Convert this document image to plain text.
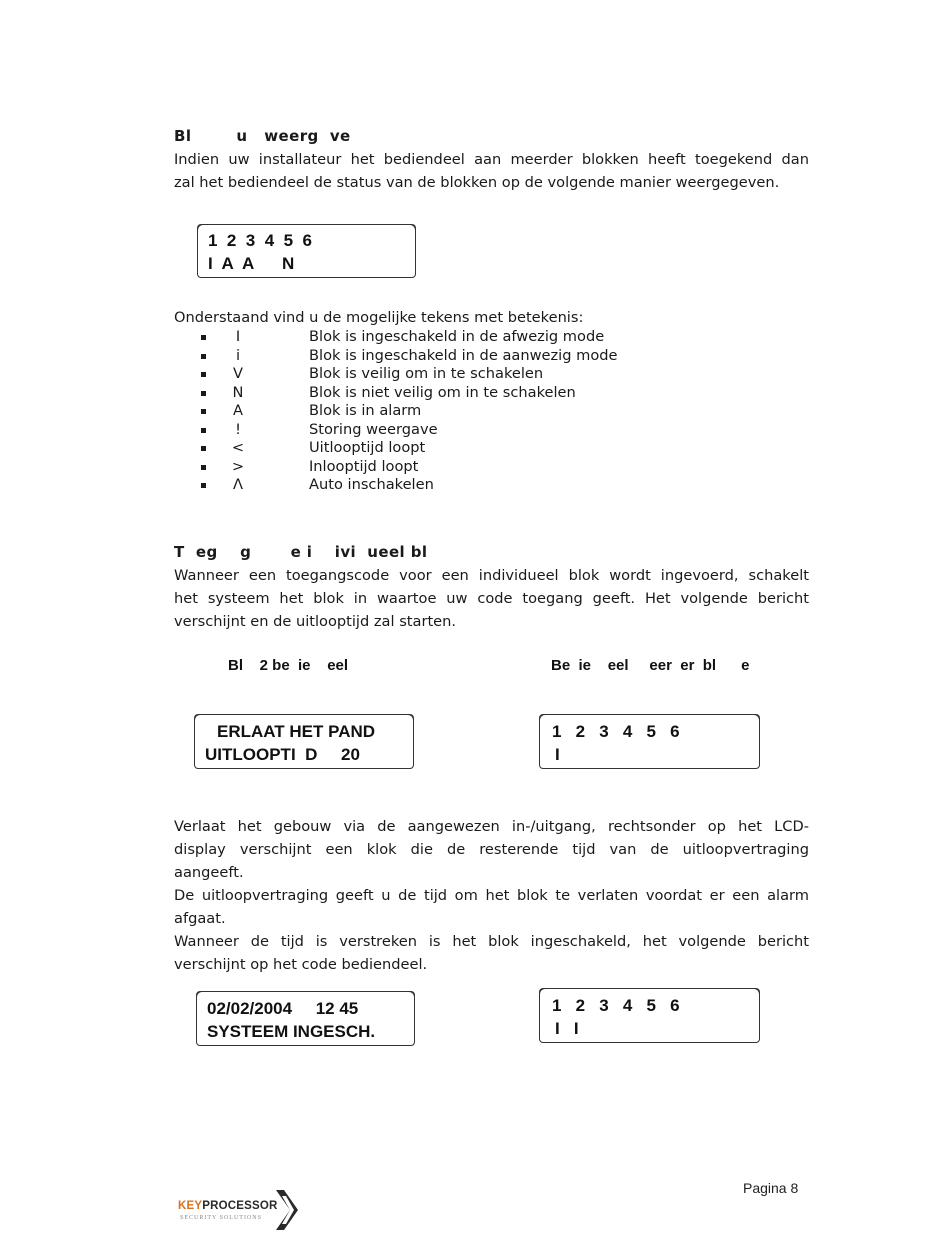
Bl        u   weerg  ve
Indien uw installateur het bediendeel aan meerder blokken heeft toegekend dan
zal het bediendeel de status van de blokken op de volgende manier weergegeven.
1  2  3  4  5  6
I  A  A      N
Onderstaand vind u de mogelijke tekens met betekenis:
I	Blok is ingeschakeld in de afwezig mode
i	Blok is ingeschakeld in de aanwezig mode
V	Blok is veilig om in te schakelen
N	Blok is niet veilig om in te schakelen
A	Blok is in alarm
!	Storing weergave
<	Uitlooptijd loopt
>	Inlooptijd loopt
Λ	Auto inschakelen
T  eg    g       e i    ivi  ueel bl
Wanneer een toegangscode voor een individueel blok wordt ingevoerd, schakelt
het systeem het blok in waartoe uw code toegang geeft. Het volgende bericht
verschijnt en de uitlooptijd zal starten.
Bl    2 be  ie    eel	Be  ie    eel     eer  er  bl      e
ERLAAT HET PAND
UITLOOPTI  D     20
1   2   3   4   5   6
I
Verlaat het gebouw via de aangewezen in-/uitgang, rechtsonder op het LCD-
display verschijnt een klok die de resterende tijd van de uitloopvertraging
aangeeft.
De uitloopvertraging geeft u de tijd om het blok te verlaten voordat er een alarm
afgaat.
Wanneer de tijd is verstreken is het blok ingeschakeld, het volgende bericht
verschijnt op het code bediendeel.
02/02/2004     12 45
SYSTEEM INGESCH.
1   2   3   4   5   6
I   I
Pagina 8
KEYPROCESSOR
SECURITY SOLUTIONS
